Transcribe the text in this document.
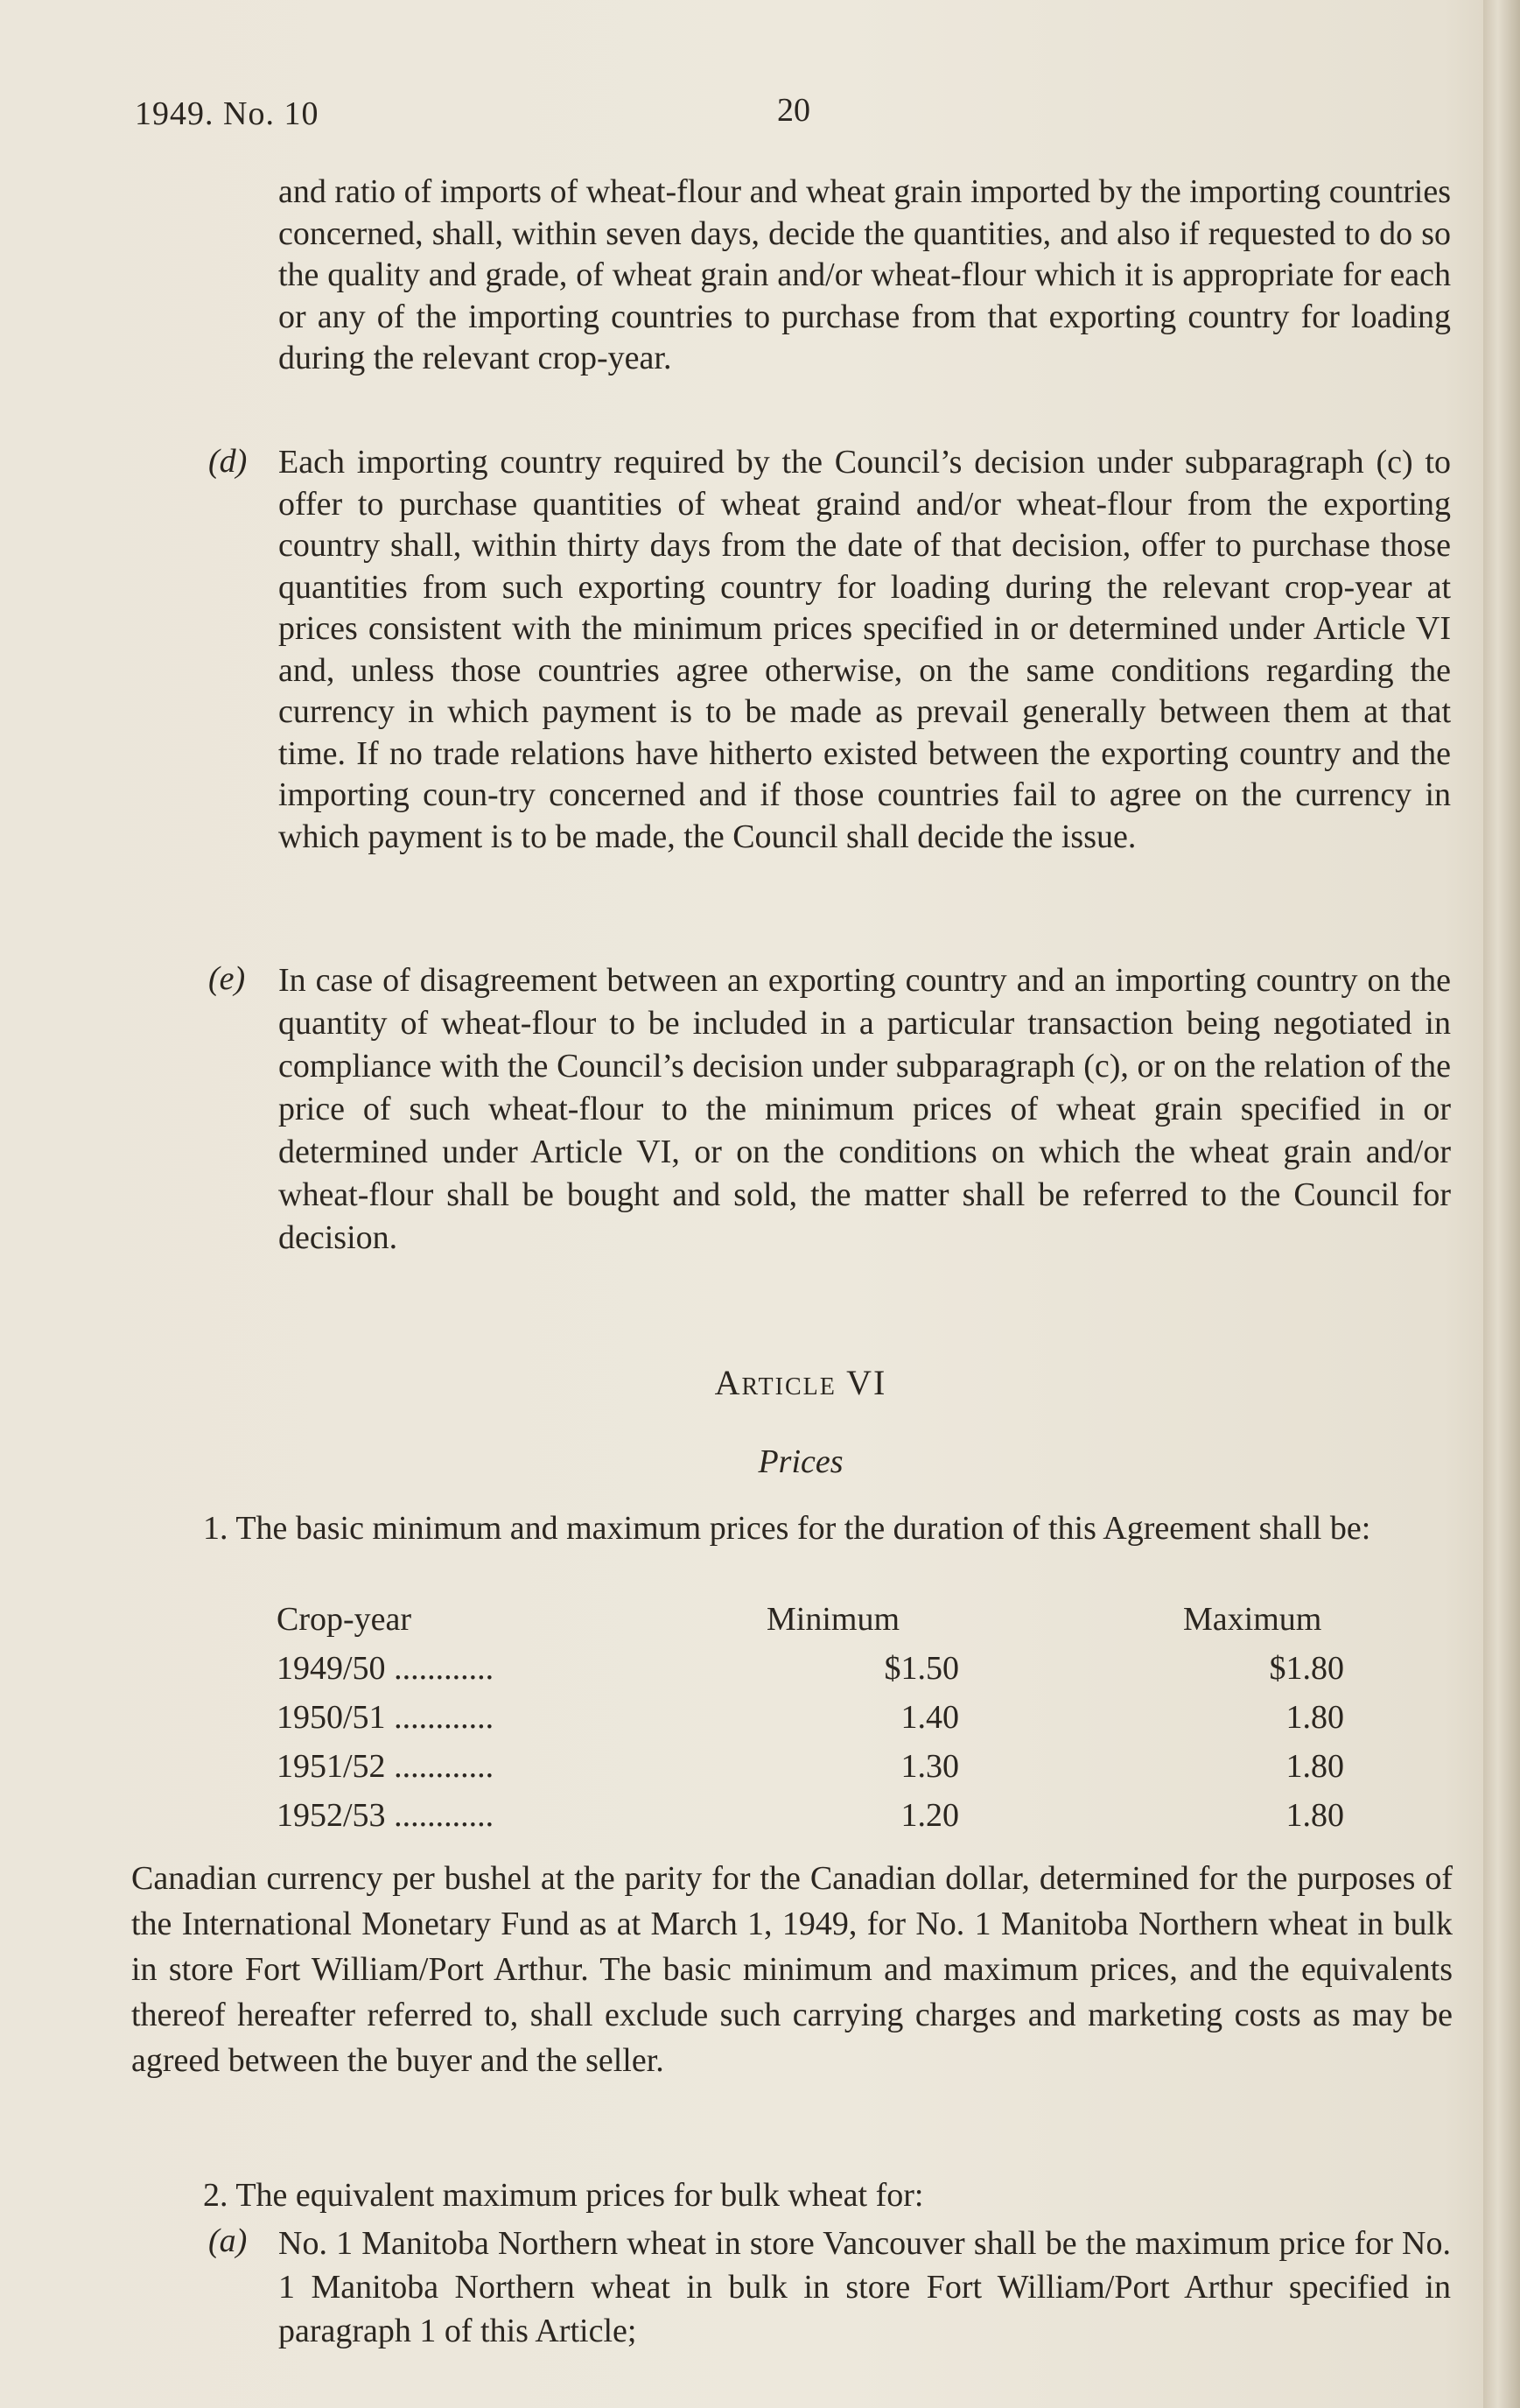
1949. No. 10	20
and ratio of imports of wheat-flour and wheat grain imported by the importing countries concerned, shall, within seven days, decide the quantities, and also if requested to do so the quality and grade, of wheat grain and/or wheat-flour which it is appropriate for each or any of the importing countries to purchase from that exporting country for loading during the relevant crop-year.
(d) Each importing country required by the Council’s decision under subparagraph (c) to offer to purchase quantities of wheat graind and/or wheat-flour from the exporting country shall, within thirty days from the date of that decision, offer to purchase those quantities from such exporting country for loading during the relevant crop-year at prices consistent with the minimum prices specified in or determined under Article VI and, unless those countries agree otherwise, on the same conditions regarding the currency in which payment is to be made as prevail generally between them at that time. If no trade relations have hitherto existed between the exporting country and the importing coun-try concerned and if those countries fail to agree on the currency in which payment is to be made, the Council shall decide the issue.
(e) In case of disagreement between an exporting country and an importing country on the quantity of wheat-flour to be included in a particular transaction being negotiated in compliance with the Council’s decision under subparagraph (c), or on the relation of the price of such wheat-flour to the minimum prices of wheat grain specified in or determined under Article VI, or on the conditions on which the wheat grain and/or wheat-flour shall be bought and sold, the matter shall be referred to the Council for decision.
Article VI
Prices
1. The basic minimum and maximum prices for the duration of this Agreement shall be:
Crop-year	Minimum	Maximum
1949/50 ............	$1.50	$1.80
1950/51 ............	1.40	1.80
1951/52 ............	1.30	1.80
1952/53 ............	1.20	1.80
Canadian currency per bushel at the parity for the Canadian dollar, determined for the purposes of the International Monetary Fund as at March 1, 1949, for No. 1 Manitoba Northern wheat in bulk in store Fort William/Port Arthur. The basic minimum and maximum prices, and the equivalents thereof hereafter referred to, shall exclude such carrying charges and marketing costs as may be agreed between the buyer and the seller.
2. The equivalent maximum prices for bulk wheat for:
(a) No. 1 Manitoba Northern wheat in store Vancouver shall be the maximum price for No. 1 Manitoba Northern wheat in bulk in store Fort William/Port Arthur specified in paragraph 1 of this Article;
